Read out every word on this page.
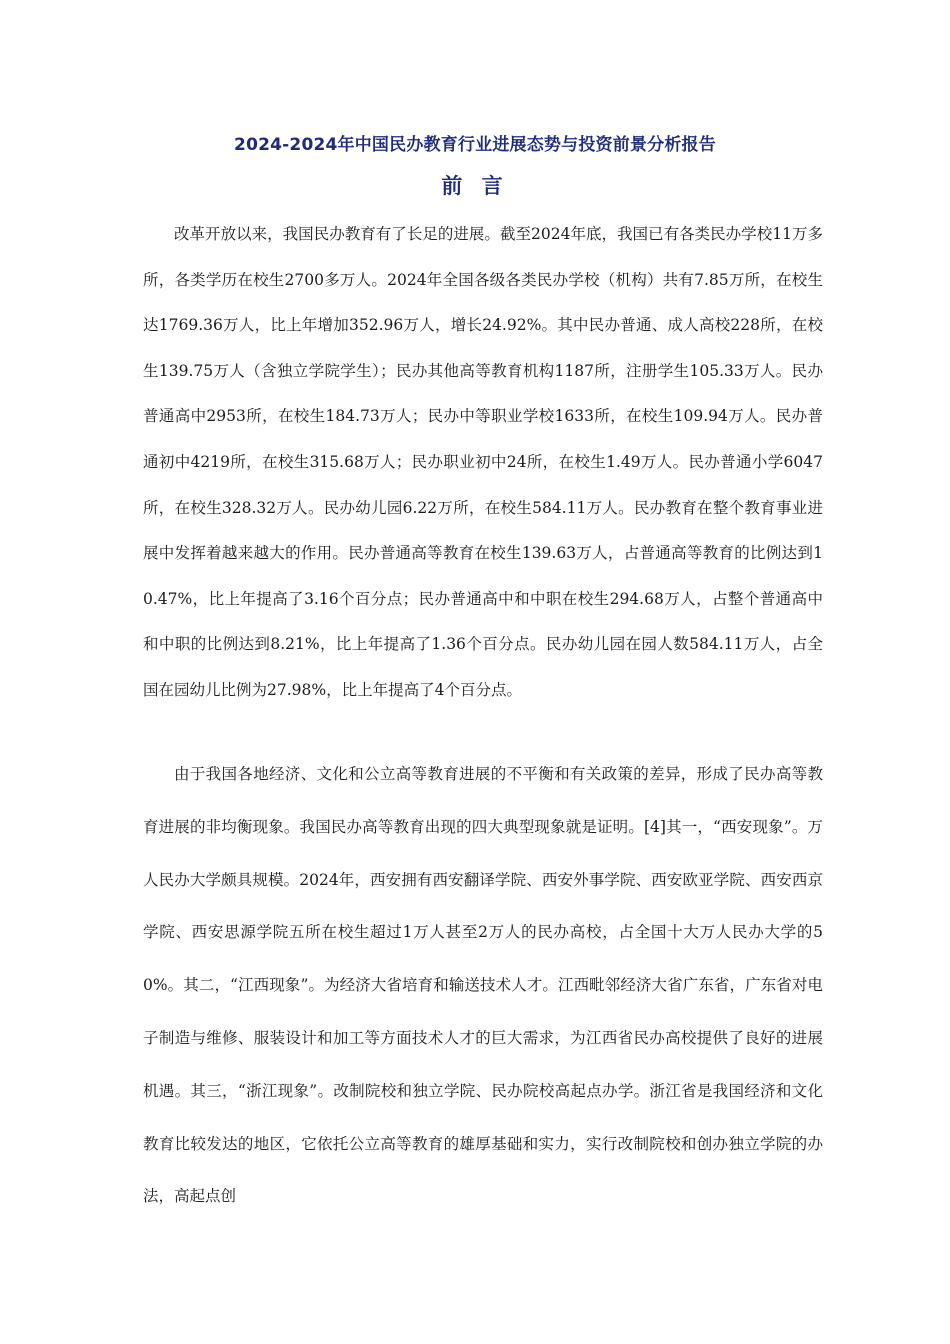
2024-2024年中国民办教育行业进展态势与投资前景分析报告
前 言

改革开放以来，我国民办教育有了长足的进展。截至2024年底，我国已有各类民办学校11万多所，各类学历在校生2700多万人。2024年全国各级各类民办学校（机构）共有7.85万所，在校生达1769.36万人，比上年增加352.96万人，增长24.92%。其中民办普通、成人高校228所，在校生139.75万人（含独立学院学生）；民办其他高等教育机构1187所，注册学生105.33万人。民办普通高中2953所，在校生184.73万人；民办中等职业学校1633所，在校生109.94万人。民办普通初中4219所，在校生315.68万人；民办职业初中24所，在校生1.49万人。民办普通小学6047所，在校生328.32万人。民办幼儿园6.22万所，在校生584.11万人。民办教育在整个教育事业进展中发挥着越来越大的作用。民办普通高等教育在校生139.63万人，占普通高等教育的比例达到10.47%，比上年提高了3.16个百分点；民办普通高中和中职在校生294.68万人，占整个普通高中和中职的比例达到8.21%，比上年提高了1.36个百分点。民办幼儿园在园人数584.11万人，占全国在园幼儿比例为27.98%，比上年提高了4个百分点。

由于我国各地经济、文化和公立高等教育进展的不平衡和有关政策的差异，形成了民办高等教育进展的非均衡现象。我国民办高等教育出现的四大典型现象就是证明。[4]其一，“西安现象”。万人民办大学颇具规模。2024年，西安拥有西安翻译学院、西安外事学院、西安欧亚学院、西安西京学院、西安思源学院五所在校生超过1万人甚至2万人的民办高校，占全国十大万人民办大学的50%。其二，“江西现象”。为经济大省培育和输送技术人才。江西毗邻经济大省广东省，广东省对电子制造与维修、服装设计和加工等方面技术人才的巨大需求，为江西省民办高校提供了良好的进展机遇。其三，“浙江现象”。改制院校和独立学院、民办院校高起点办学。浙江省是我国经济和文化教育比较发达的地区，它依托公立高等教育的雄厚基础和实力，实行改制院校和创办独立学院的办法，高起点创
